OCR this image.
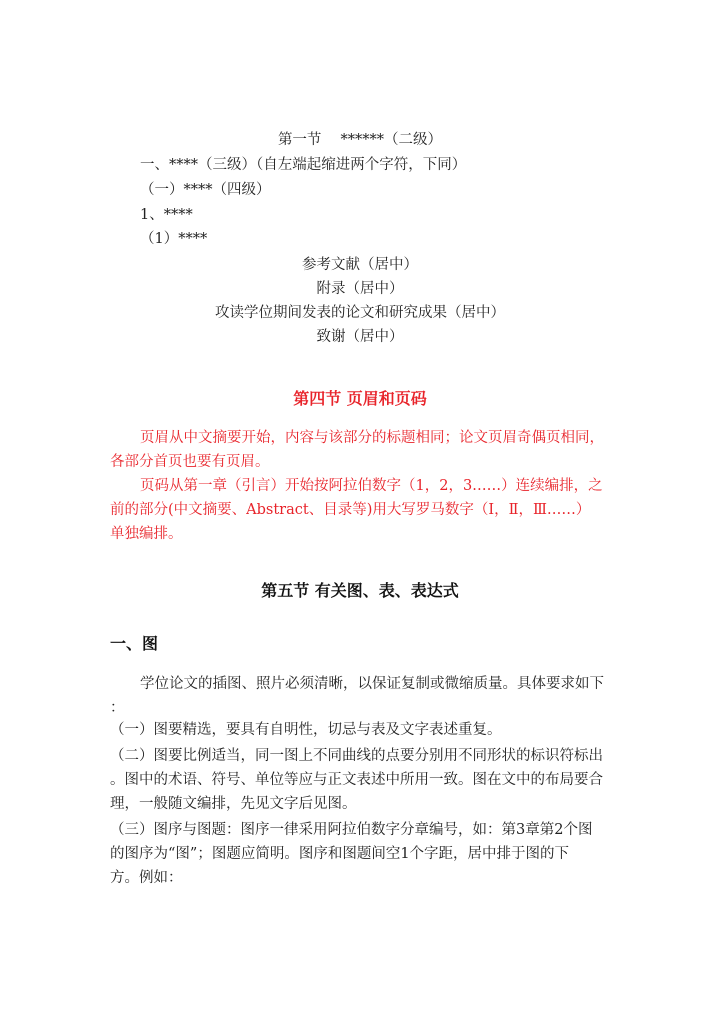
第一节　 ******（二级）
一、****（三级）（自左端起缩进两个字符，下同）
（一）****（四级）
1、****
（1）****
参考文献（居中）
附录（居中）
攻读学位期间发表的论文和研究成果（居中）
致谢（居中）
第四节 页眉和页码
页眉从中文摘要开始，内容与该部分的标题相同；论文页眉奇偶页相同，
各部分首页也要有页眉。
页码从第一章（引言）开始按阿拉伯数字（1，2，3……）连续编排，之
前的部分(中文摘要、Abstract、目录等)用大写罗马数字（Ⅰ，Ⅱ，Ⅲ……）
单独编排。
第五节 有关图、表、表达式
一、图
学位论文的插图、照片必须清晰，以保证复制或微缩质量。具体要求如下
：
（一）图要精选，要具有自明性，切忌与表及文字表述重复。
（二）图要比例适当，同一图上不同曲线的点要分别用不同形状的标识符标出
。图中的术语、符号、单位等应与正文表述中所用一致。图在文中的布局要合
理，一般随文编排，先见文字后见图。
（三）图序与图题：图序一律采用阿拉伯数字分章编号，如：第3章第2个图
的图序为“图”；图题应简明。图序和图题间空1个字距，居中排于图的下
方。例如：
